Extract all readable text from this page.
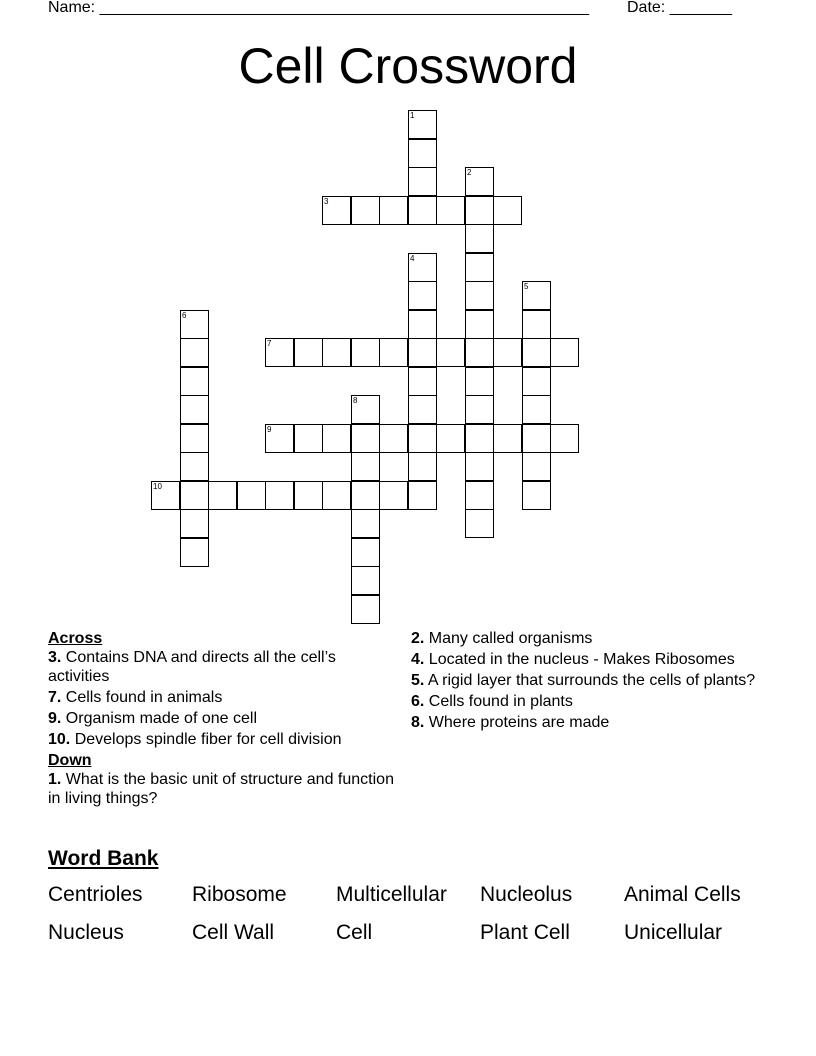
Name: _______________________________________________________ Date: _______
Cell Crossword
1
2
3
4
5
6
7
8
9
10
Across
3. Contains DNA and directs all the cell’s activities
7. Cells found in animals
9. Organism made of one cell
10. Develops spindle fiber for cell division
Down
1. What is the basic unit of structure and function in living things?
2. Many called organisms
4. Located in the nucleus - Makes Ribosomes
5. A rigid layer that surrounds the cells of plants?
6. Cells found in plants
8. Where proteins are made
Word Bank
Centrioles	Ribosome	Multicellular	Nucleolus	Animal Cells
Nucleus	Cell Wall	Cell	Plant Cell	Unicellular
